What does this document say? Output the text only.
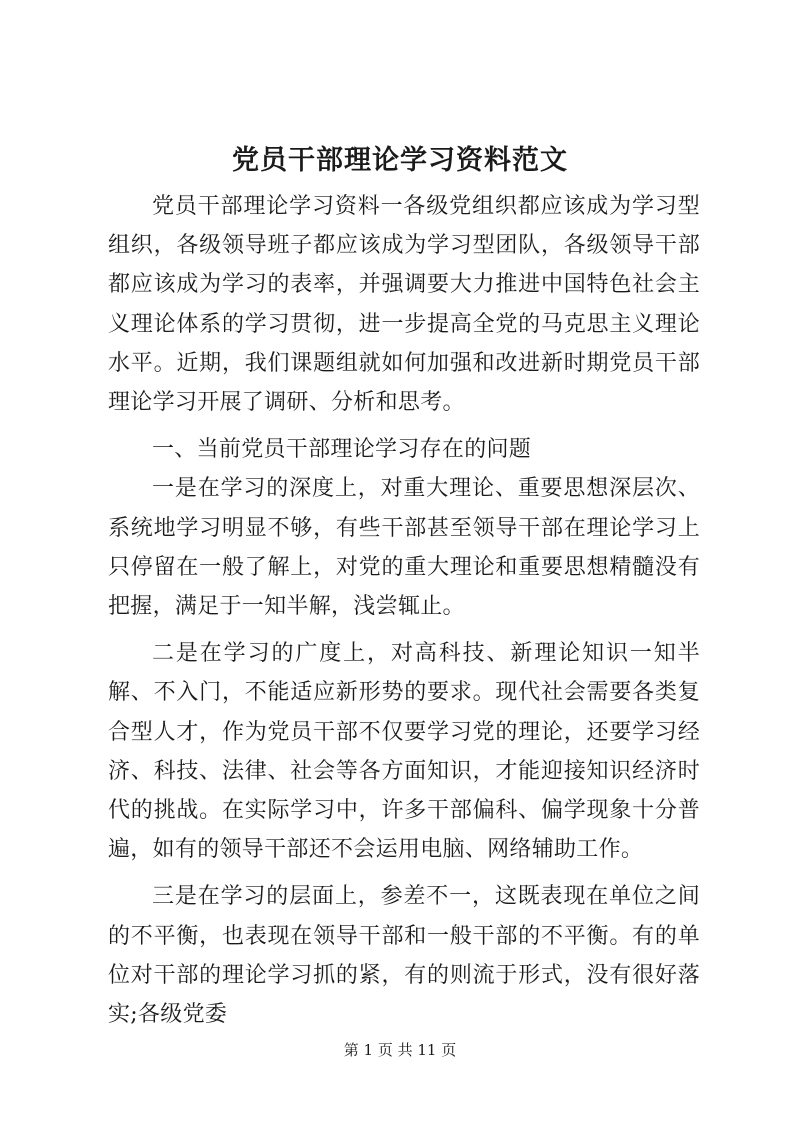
党员干部理论学习资料范文

党员干部理论学习资料一各级党组织都应该成为学习型组织，各级领导班子都应该成为学习型团队，各级领导干部都应该成为学习的表率，并强调要大力推进中国特色社会主义理论体系的学习贯彻，进一步提高全党的马克思主义理论水平。近期，我们课题组就如何加强和改进新时期党员干部理论学习开展了调研、分析和思考。

一、当前党员干部理论学习存在的问题

一是在学习的深度上，对重大理论、重要思想深层次、系统地学习明显不够，有些干部甚至领导干部在理论学习上只停留在一般了解上，对党的重大理论和重要思想精髓没有把握，满足于一知半解，浅尝辄止。

二是在学习的广度上，对高科技、新理论知识一知半解、不入门，不能适应新形势的要求。现代社会需要各类复合型人才，作为党员干部不仅要学习党的理论，还要学习经济、科技、法律、社会等各方面知识，才能迎接知识经济时代的挑战。在实际学习中，许多干部偏科、偏学现象十分普遍，如有的领导干部还不会运用电脑、网络辅助工作。

三是在学习的层面上，参差不一，这既表现在单位之间的不平衡，也表现在领导干部和一般干部的不平衡。有的单位对干部的理论学习抓的紧，有的则流于形式，没有很好落实;各级党委

第 1 页 共 11 页
